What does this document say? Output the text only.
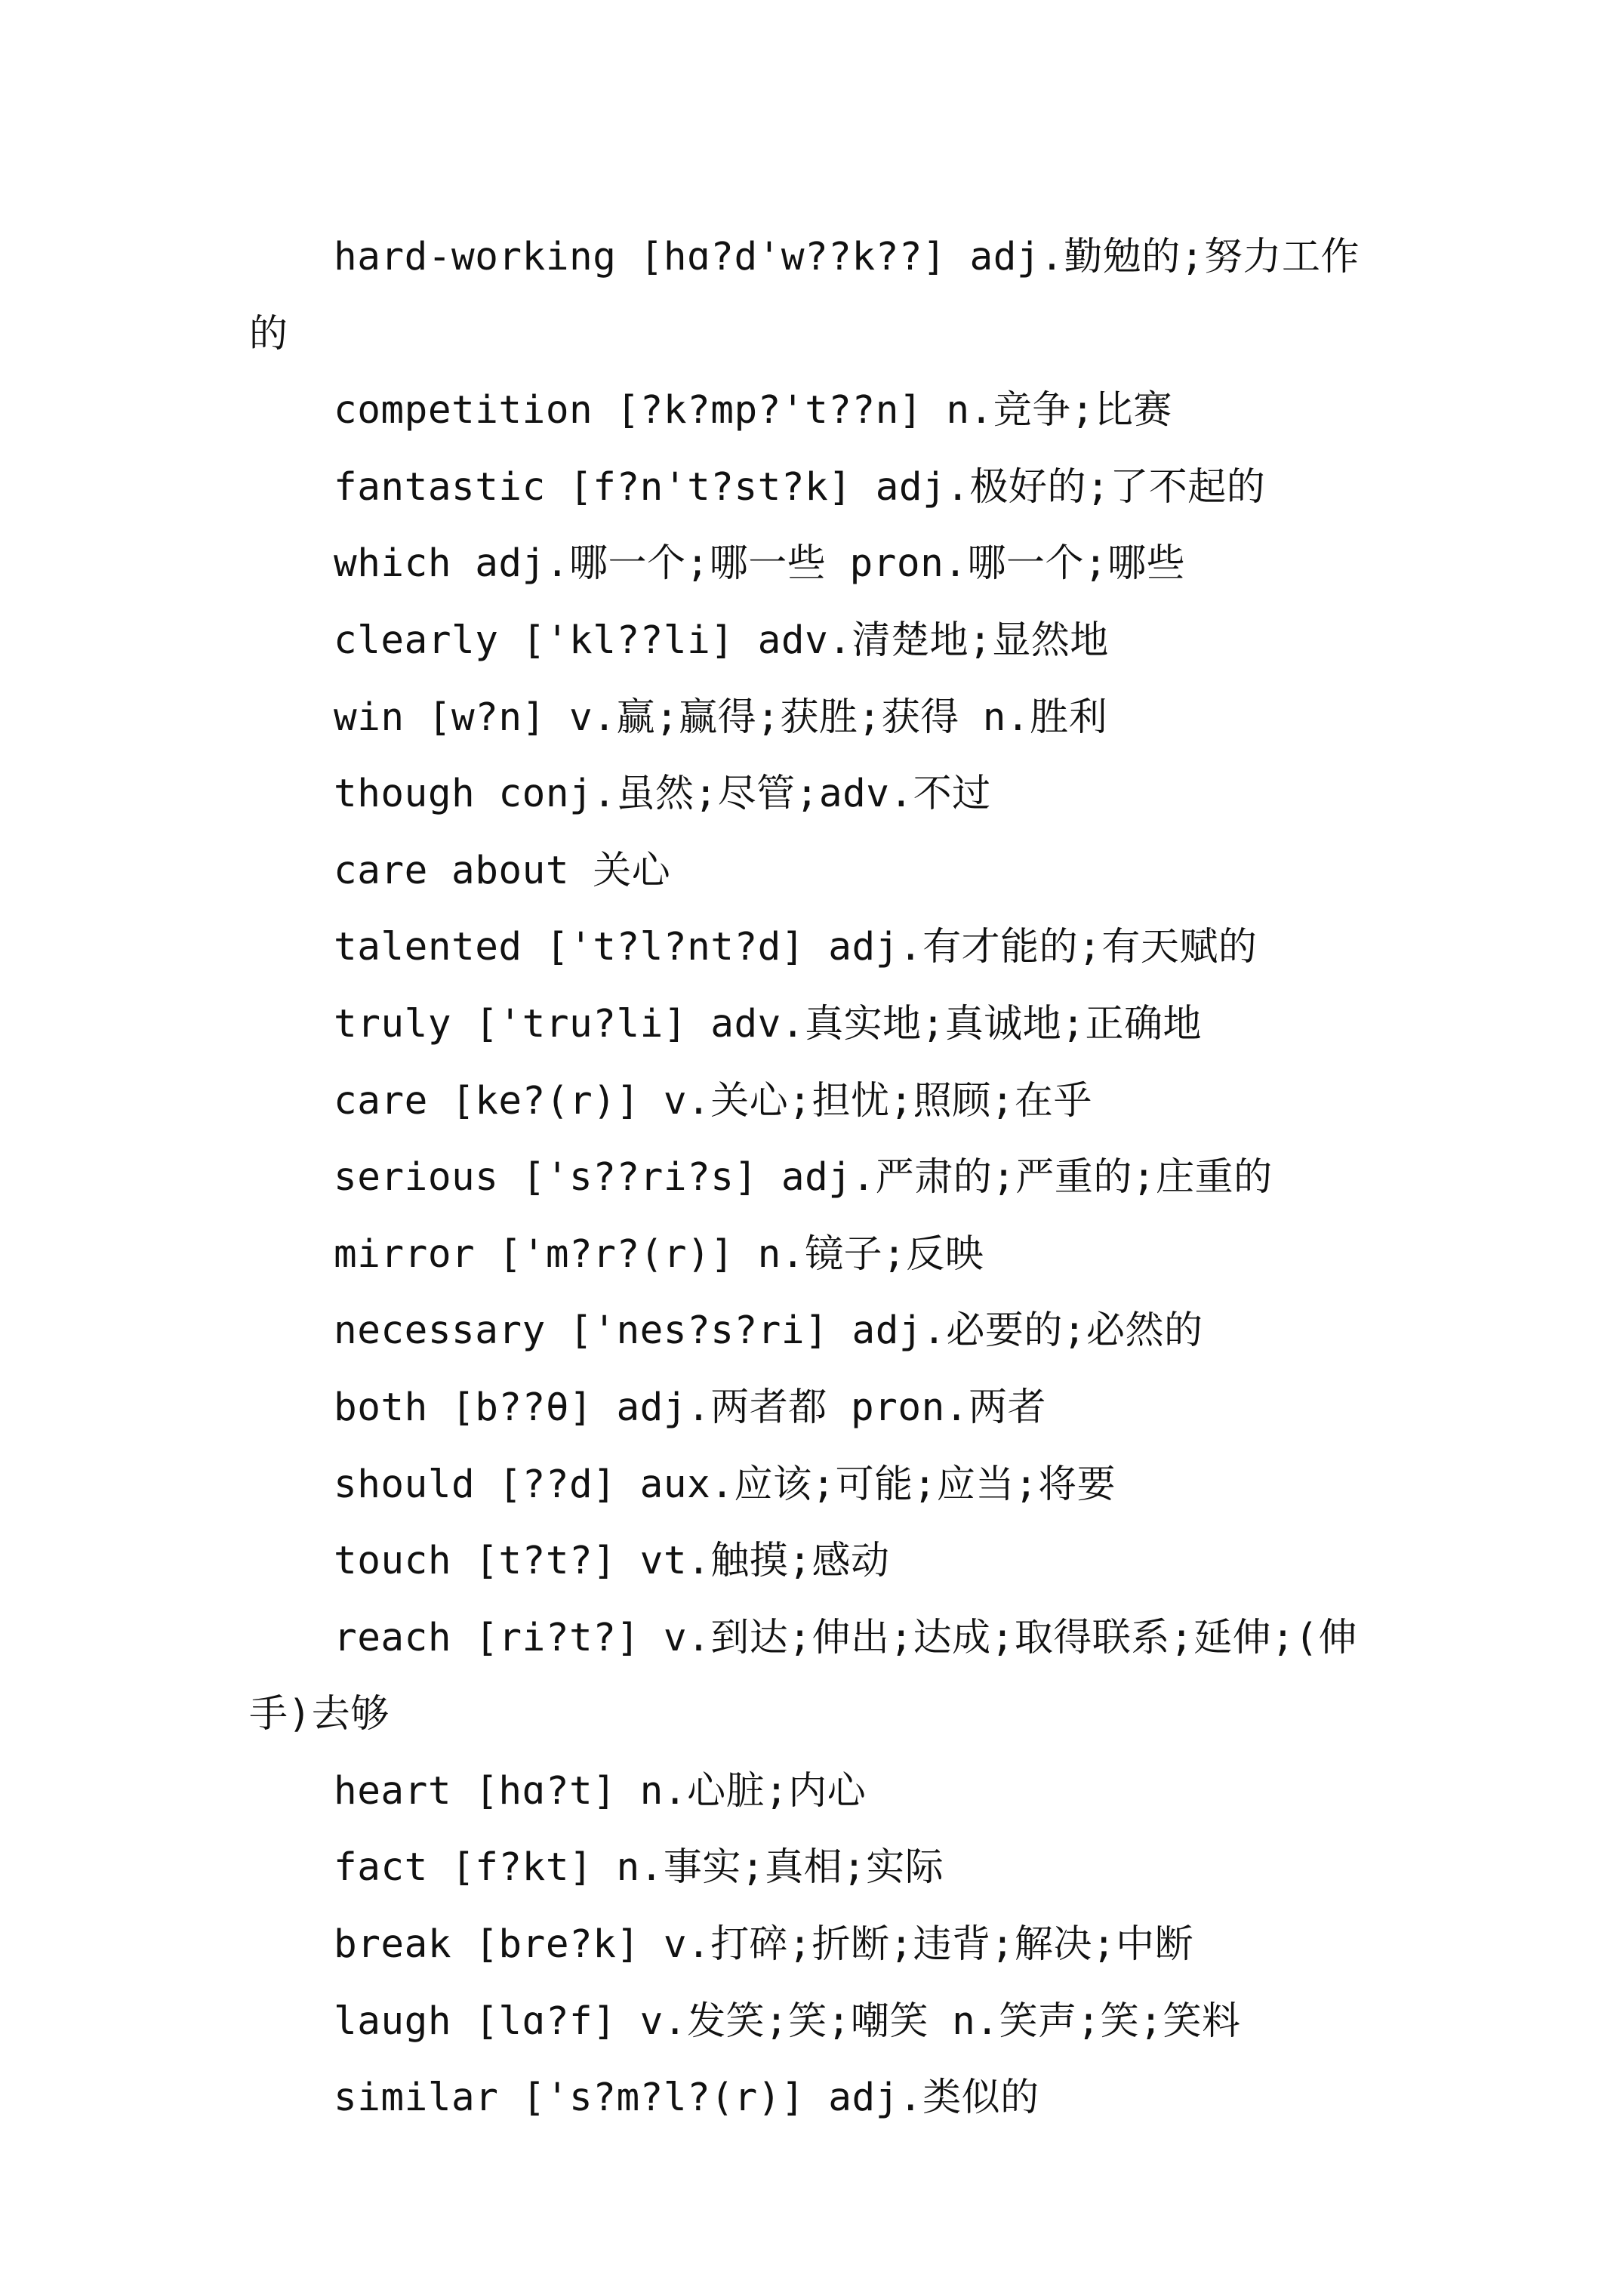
hard-working [hɑ?d'w??k??] adj.勤勉的;努力工作的

competition [?k?mp?'t??n] n.竞争;比赛

fantastic [f?n't?st?k] adj.极好的;了不起的

which adj.哪一个;哪一些 pron.哪一个;哪些

clearly ['kl??li] adv.清楚地;显然地

win [w?n] v.赢;赢得;获胜;获得 n.胜利

though conj.虽然;尽管;adv.不过

care about 关心

talented ['t?l?nt?d] adj.有才能的;有天赋的

truly ['tru?li] adv.真实地;真诚地;正确地

care [ke?(r)] v.关心;担忧;照顾;在乎

serious ['s??ri?s] adj.严肃的;严重的;庄重的

mirror ['m?r?(r)] n.镜子;反映

necessary ['nes?s?ri] adj.必要的;必然的

both [b??θ] adj.两者都 pron.两者

should [??d] aux.应该;可能;应当;将要

touch [t?t?] vt.触摸;感动

reach [ri?t?] v.到达;伸出;达成;取得联系;延伸;(伸手)去够

heart [hɑ?t] n.心脏;内心

fact [f?kt] n.事实;真相;实际

break [bre?k] v.打碎;折断;违背;解决;中断

laugh [lɑ?f] v.发笑;笑;嘲笑 n.笑声;笑;笑料

similar ['s?m?l?(r)] adj.类似的
